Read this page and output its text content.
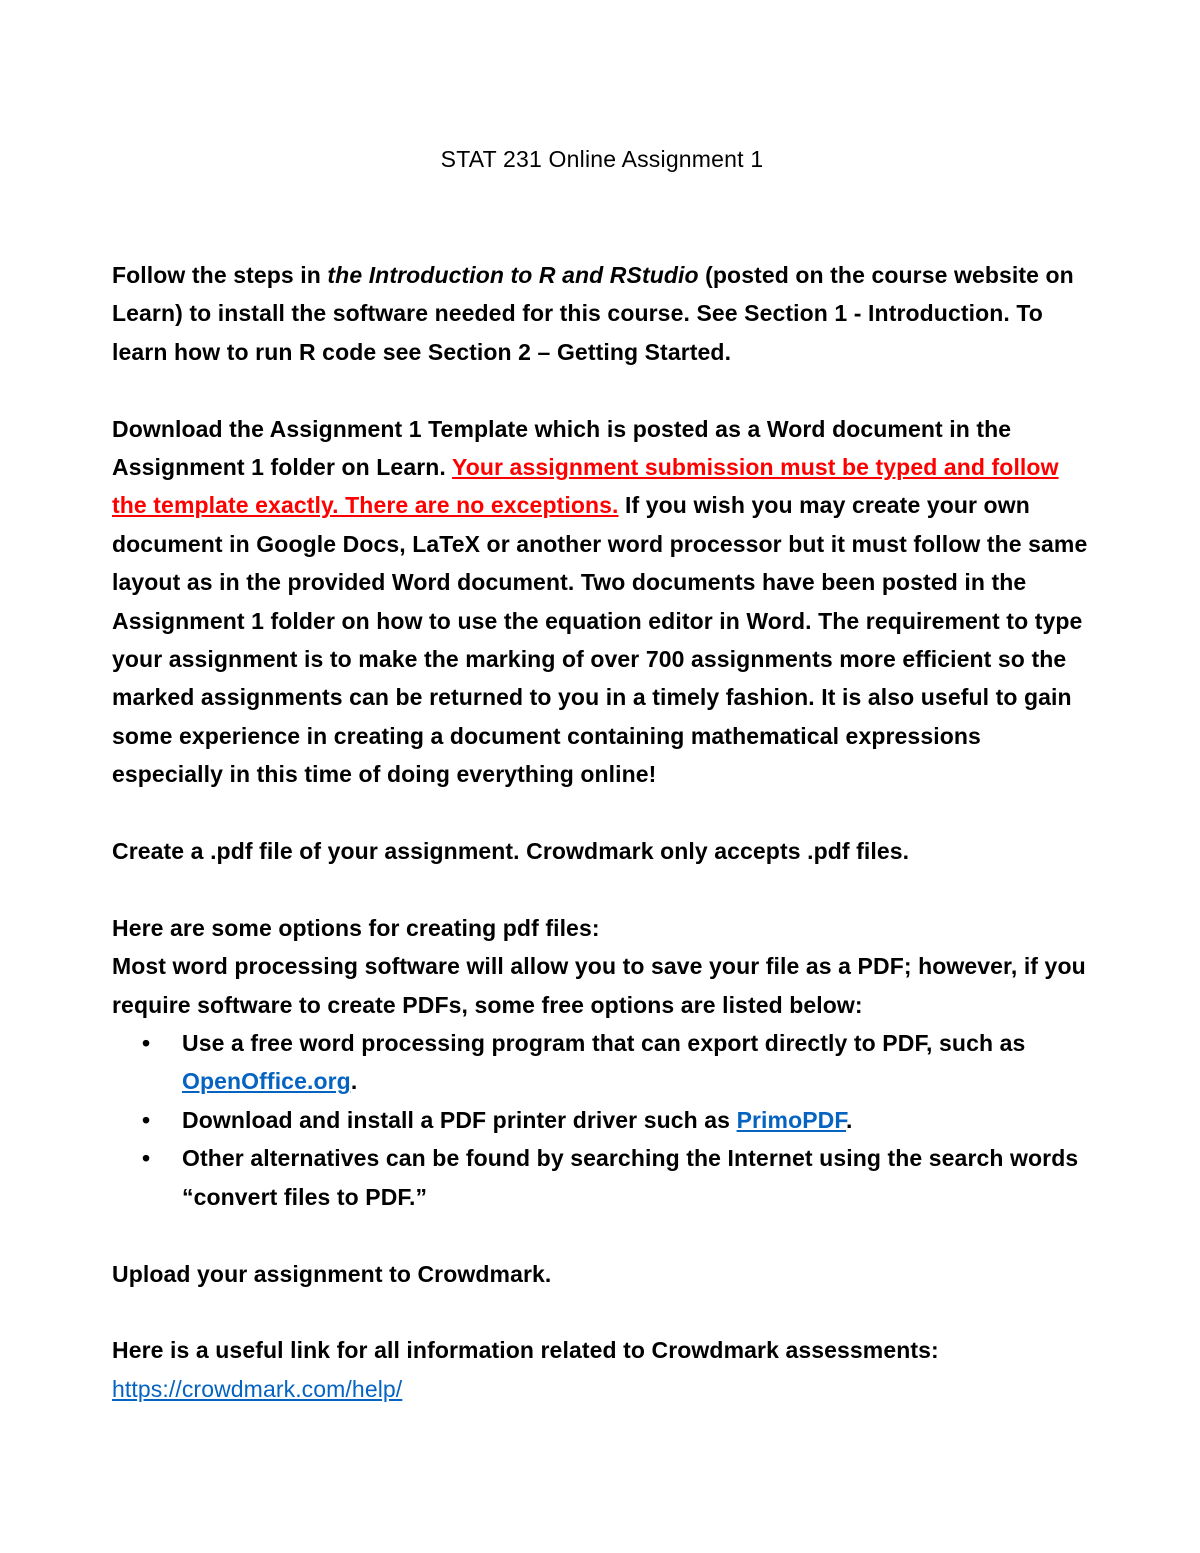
STAT 231 Online Assignment 1

Follow the steps in the Introduction to R and RStudio (posted on the course website on Learn) to install the software needed for this course. See Section 1 - Introduction. To learn how to run R code see Section 2 – Getting Started.

Download the Assignment 1 Template which is posted as a Word document in the Assignment 1 folder on Learn. Your assignment submission must be typed and follow the template exactly. There are no exceptions. If you wish you may create your own document in Google Docs, LaTeX or another word processor but it must follow the same layout as in the provided Word document. Two documents have been posted in the Assignment 1 folder on how to use the equation editor in Word. The requirement to type your assignment is to make the marking of over 700 assignments more efficient so the marked assignments can be returned to you in a timely fashion. It is also useful to gain some experience in creating a document containing mathematical expressions especially in this time of doing everything online!

Create a .pdf file of your assignment. Crowdmark only accepts .pdf files.

Here are some options for creating pdf files:

Most word processing software will allow you to save your file as a PDF; however, if you require software to create PDFs, some free options are listed below:

• Use a free word processing program that can export directly to PDF, such as OpenOffice.org.
• Download and install a PDF printer driver such as PrimoPDF.
• Other alternatives can be found by searching the Internet using the search words “convert files to PDF.”

Upload your assignment to Crowdmark.

Here is a useful link for all information related to Crowdmark assessments:

https://crowdmark.com/help/
